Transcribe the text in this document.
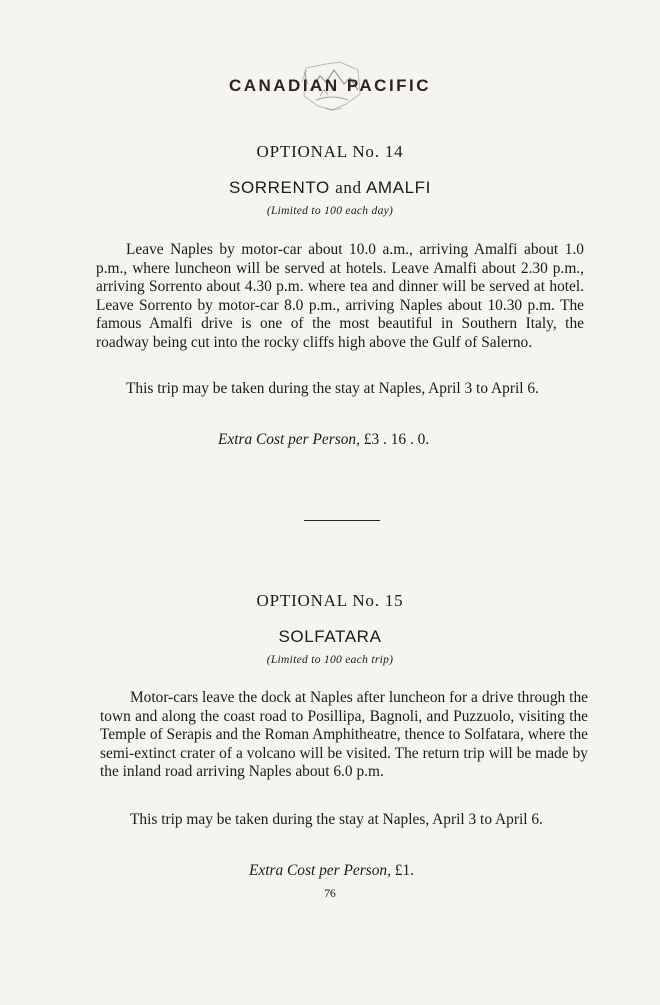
CANADIAN PACIFIC
OPTIONAL No. 14
SORRENTO and AMALFI
(Limited to 100 each day)
Leave Naples by motor-car about 10.0 a.m., arriving Amalfi about 1.0 p.m., where luncheon will be served at hotels. Leave Amalfi about 2.30 p.m., arriving Sorrento about 4.30 p.m. where tea and dinner will be served at hotel. Leave Sorrento by motor-car 8.0 p.m., arriving Naples about 10.30 p.m. The famous Amalfi drive is one of the most beautiful in Southern Italy, the roadway being cut into the rocky cliffs high above the Gulf of Salerno.
This trip may be taken during the stay at Naples, April 3 to April 6.
Extra Cost per Person, £3 . 16 . 0.
OPTIONAL No. 15
SOLFATARA
(Limited to 100 each trip)
Motor-cars leave the dock at Naples after luncheon for a drive through the town and along the coast road to Posillipa, Bagnoli, and Puzzuolo, visiting the Temple of Serapis and the Roman Amphitheatre, thence to Solfatara, where the semi-extinct crater of a volcano will be visited. The return trip will be made by the inland road arriving Naples about 6.0 p.m.
This trip may be taken during the stay at Naples, April 3 to April 6.
Extra Cost per Person, £1.
76
